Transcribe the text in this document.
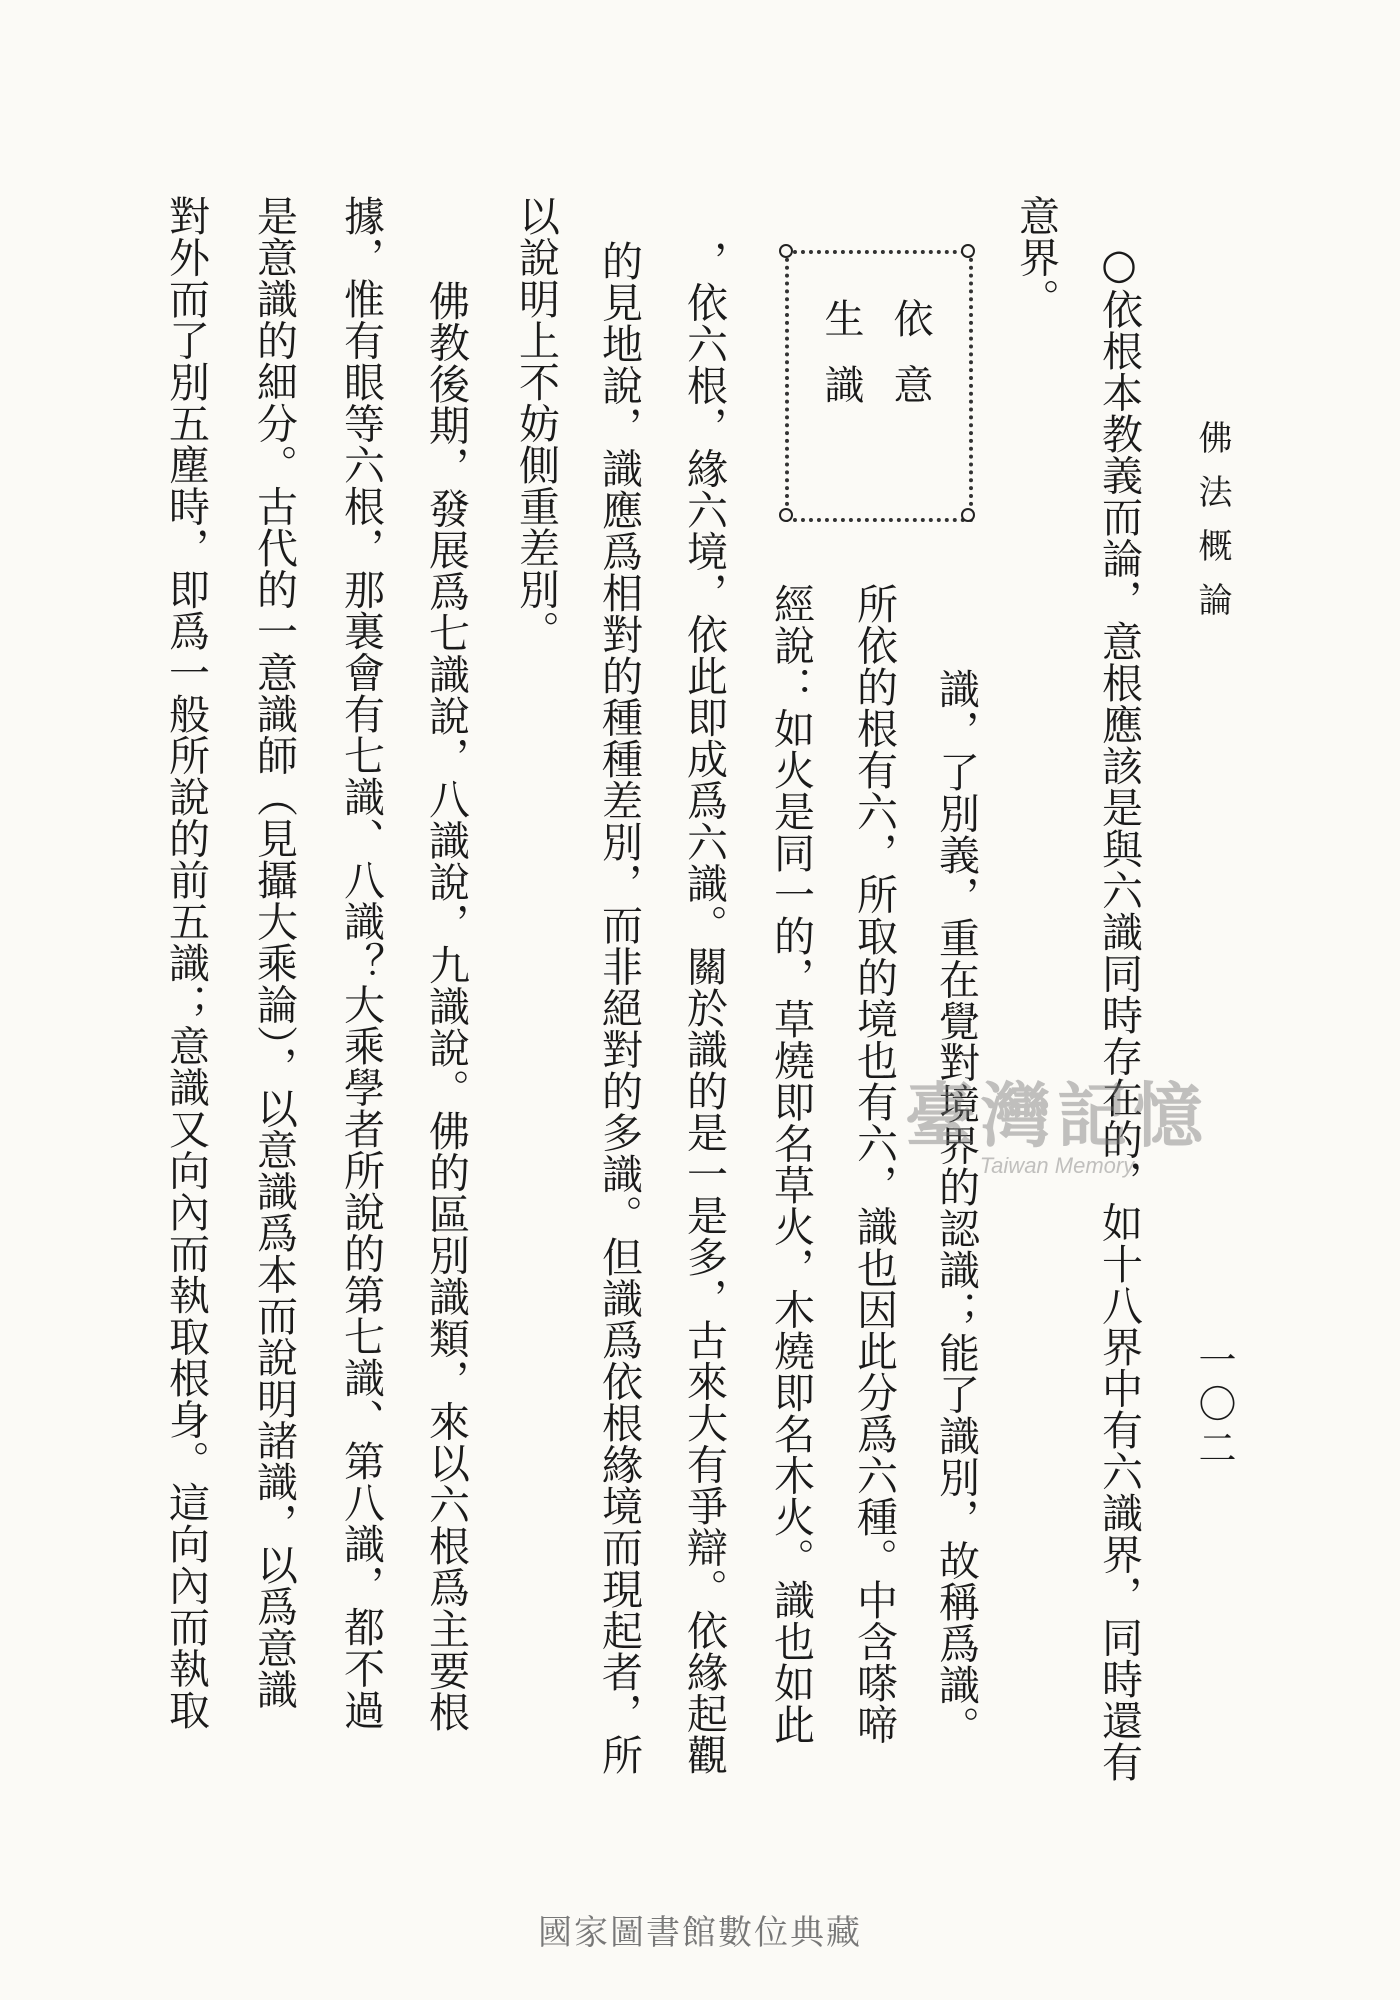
佛法概論
一〇二
○依根本教義而論，意根應該是與六識同時存在的，如十八界中有六識界，同時還有
意界。
識，了別義，重在覺對境界的認識；能了識別，故稱爲識。
所依的根有六，所取的境也有六，識也因此分爲六種。中含嗏啼
經說：如火是同一的，草燒即名草火，木燒即名木火。識也如此
，依六根，緣六境，依此即成爲六識。關於識的是一是多，古來大有爭辯。依緣起觀
的見地說，識應爲相對的種種差別，而非絕對的多識。但識爲依根緣境而現起者，所
以說明上不妨側重差別。
佛教後期，發展爲七識說，八識說，九識說。佛的區別識類，來以六根爲主要根
據，惟有眼等六根，那裏會有七識、八識？大乘學者所說的第七識、第八識，都不過
是意識的細分。古代的一意識師（見攝大乘論），以意識爲本而說明諸識，以爲意識
對外而了別五塵時，即爲一般所說的前五識；意識又向內而執取根身。這向內而執取	依意
生識
臺灣記憶
Taiwan Memory
國家圖書館數位典藏
